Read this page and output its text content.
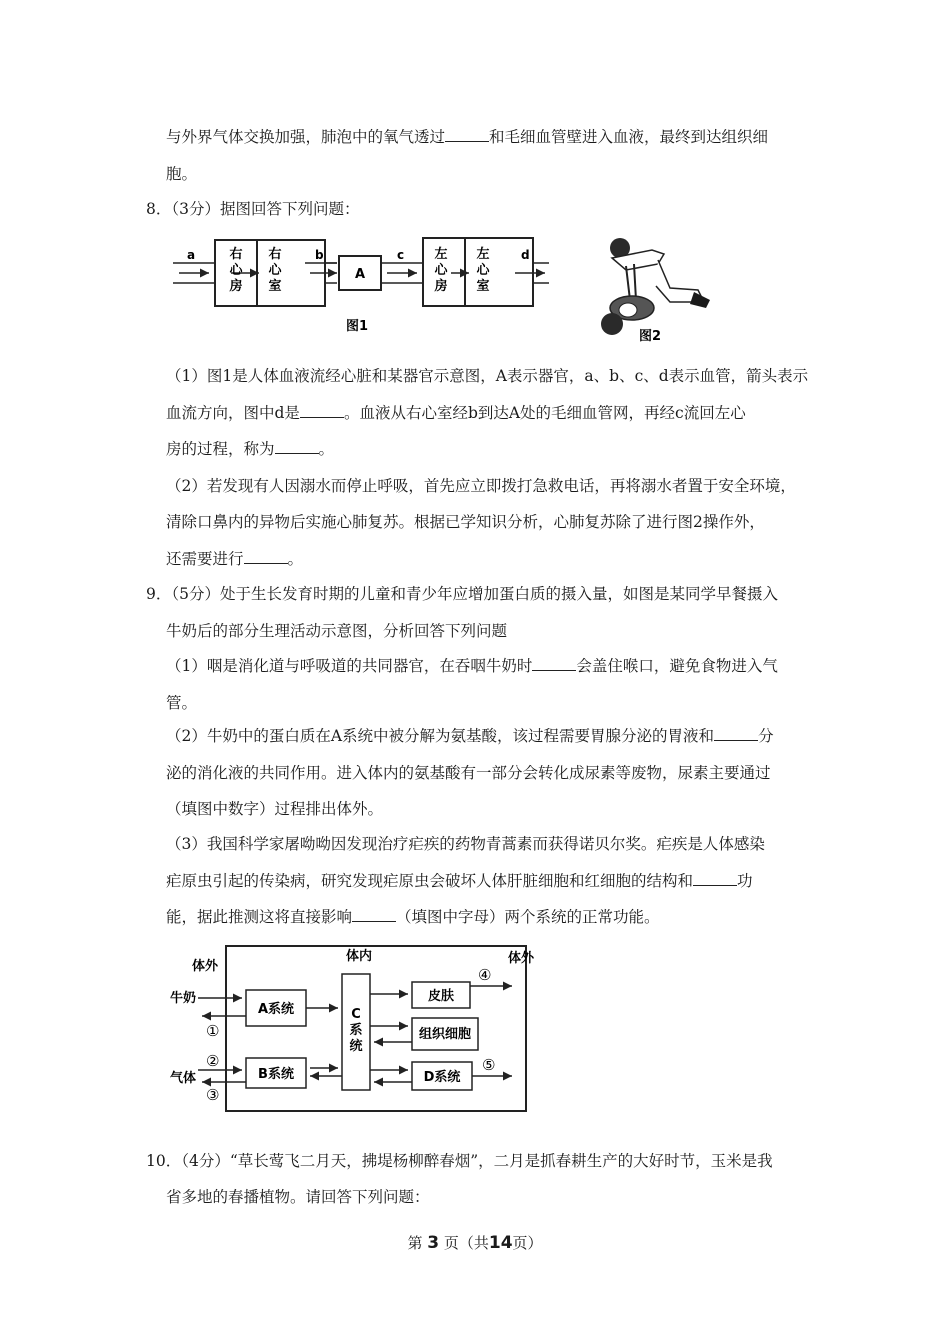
与外界气体交换加强，肺泡中的氧气透过	和毛细血管壁进入血液，最终到达组织细
胞。
8．（3分）据图回答下列问题：
a	右心房
右心室
b
A
c 左心房
左心室
d
图1
图2
（1）图1是人体血液流经心脏和某器官示意图，A表示器官，a、b、c、d表示血管，箭头表示
血流方向，图中d是	。血液从右心室经b到达A处的毛细血管网，再经c流回左心
房的过程，称为	。
（2）若发现有人因溺水而停止呼吸，首先应立即拨打急救电话，再将溺水者置于安全环境，
清除口鼻内的异物后实施心肺复苏。根据已学知识分析，心肺复苏除了进行图2操作外，
还需要进行	。
9．（5分）处于生长发育时期的儿童和青少年应增加蛋白质的摄入量，如图是某同学早餐摄入
牛奶后的部分生理活动示意图，分析回答下列问题
（1）咽是消化道与呼吸道的共同器官，在吞咽牛奶时	会盖住喉口，避免食物进入气
管。
（2）牛奶中的蛋白质在A系统中被分解为氨基酸，该过程需要胃腺分泌的胃液和	分
泌的消化液的共同作用。进入体内的氨基酸有一部分会转化成尿素等废物，尿素主要通过
（填图中数字）过程排出体外。
（3）我国科学家屠呦呦因发现治疗疟疾的药物青蒿素而获得诺贝尔奖。疟疾是人体感染
疟原虫引起的传染病，研究发现疟原虫会破坏人体肝脏细胞和红细胞的结构和	功
能，据此推测这将直接影响	（填图中字母）两个系统的正常功能。
体外
体内	体外
A系统
牛奶
①
B系统
②
气体
③
C 系统
皮肤
④
组织细胞
D系统
⑤
10．（4分）“草长莺飞二月天，拂堤杨柳醉春烟”，二月是抓春耕生产的大好时节，玉米是我
省多地的春播植物。请回答下列问题：
第 3 页（共14页）
